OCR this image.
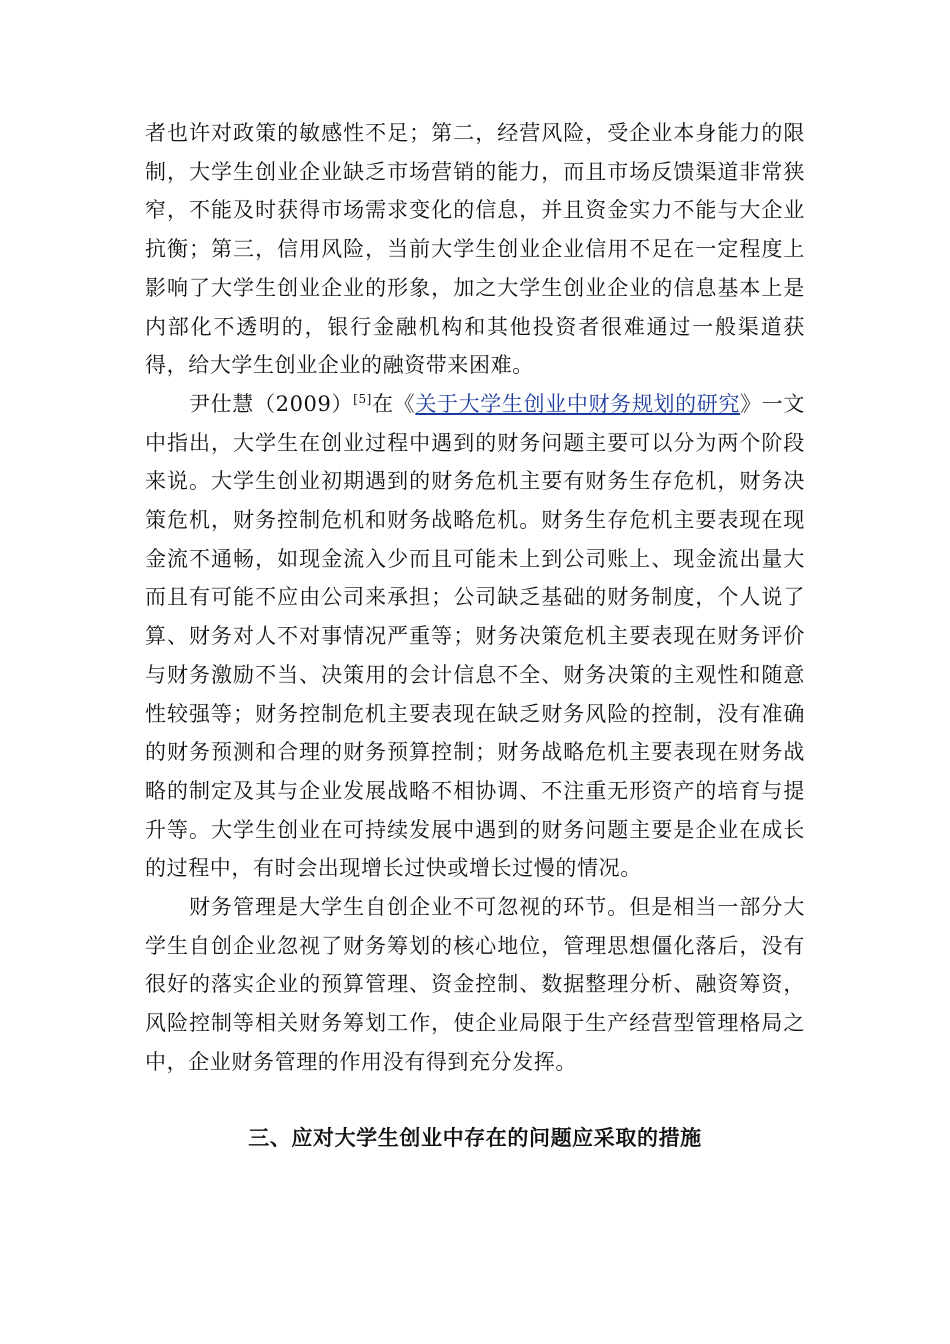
者也许对政策的敏感性不足；第二，经营风险，受企业本身能力的限制，大学生创业企业缺乏市场营销的能力，而且市场反馈渠道非常狭窄，不能及时获得市场需求变化的信息，并且资金实力不能与大企业抗衡；第三，信用风险，当前大学生创业企业信用不足在一定程度上影响了大学生创业企业的形象，加之大学生创业企业的信息基本上是内部化不透明的，银行金融机构和其他投资者很难通过一般渠道获得，给大学生创业企业的融资带来困难。

尹仕慧（2009）[5]在《关于大学生创业中财务规划的研究》一文中指出，大学生在创业过程中遇到的财务问题主要可以分为两个阶段来说。大学生创业初期遇到的财务危机主要有财务生存危机，财务决策危机，财务控制危机和财务战略危机。财务生存危机主要表现在现金流不通畅，如现金流入少而且可能未上到公司账上、现金流出量大而且有可能不应由公司来承担；公司缺乏基础的财务制度，个人说了算、财务对人不对事情况严重等；财务决策危机主要表现在财务评价与财务激励不当、决策用的会计信息不全、财务决策的主观性和随意性较强等；财务控制危机主要表现在缺乏财务风险的控制，没有准确的财务预测和合理的财务预算控制；财务战略危机主要表现在财务战略的制定及其与企业发展战略不相协调、不注重无形资产的培育与提升等。大学生创业在可持续发展中遇到的财务问题主要是企业在成长的过程中，有时会出现增长过快或增长过慢的情况。

财务管理是大学生自创企业不可忽视的环节。但是相当一部分大学生自创企业忽视了财务筹划的核心地位，管理思想僵化落后，没有很好的落实企业的预算管理、资金控制、数据整理分析、融资筹资，风险控制等相关财务筹划工作，使企业局限于生产经营型管理格局之中，企业财务管理的作用没有得到充分发挥。

三、应对大学生创业中存在的问题应采取的措施
